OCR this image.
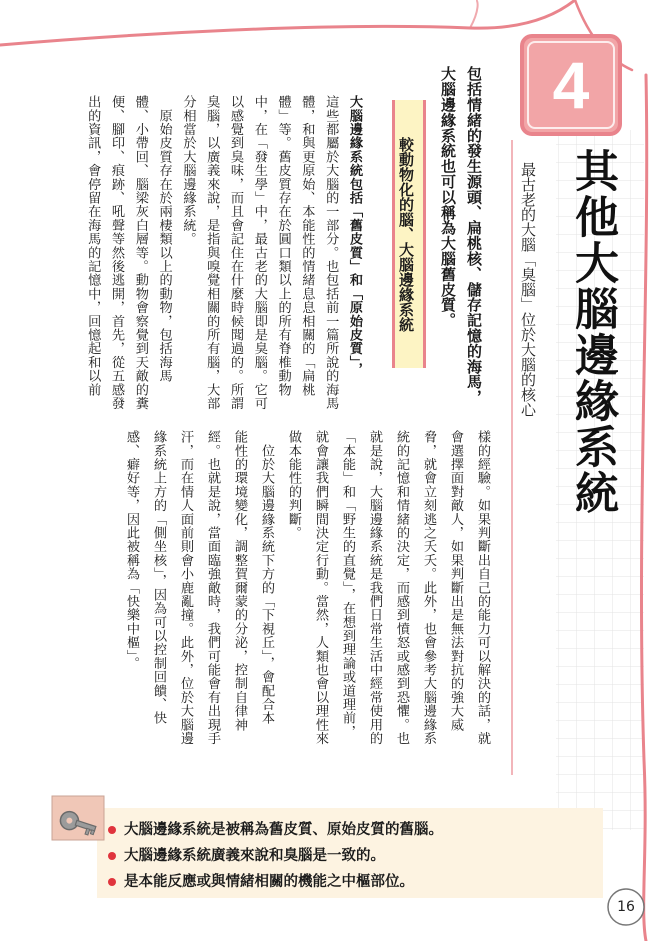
4
其他大腦邊緣系統
最古老的大腦「臭腦」位於大腦的核心
包括情緒的發生源頭、扁桃核、儲存記憶的海馬，
大腦邊緣系統也可以稱為大腦舊皮質。
較動物化的腦、大腦邊緣系統
大腦邊緣系統包括「舊皮質」和「原始皮質」，
這些都屬於大腦的一部分。也包括前一篇所說的海馬
體，和與更原始、本能性的情緒息息相關的「扁桃
體」等。舊皮質存在於圓口類以上的所有脊椎動物
中，在「發生學」中，最古老的大腦即是臭腦。它可
以感覺到臭味，而且會記住在什麼時候聞過的。所謂
臭腦，以廣義來說，是指與嗅覺相關的所有腦，大部
分相當於大腦邊緣系統。
　原始皮質存在於兩棲類以上的動物，包括海馬
體、小帶回、腦梁灰白層等。動物會察覺到天敵的糞
便、腳印、痕跡、吼聲等然後逃開，首先，從五感發
出的資訊，會停留在海馬的記憶中，回憶起和以前
樣的經驗。如果判斷出自己的能力可以解決的話，就
會選擇面對敵人，如果判斷出是無法對抗的強大威
脅，就會立刻逃之夭夭。此外，也會參考大腦邊緣系
統的記憶和情緒的決定，而感到憤怒或感到恐懼。也
就是說，大腦邊緣系統是我們日常生活中經常使用的
「本能」和「野生的直覺」，在想到理論或道理前，
就會讓我們瞬間決定行動。當然，人類也會以理性來
做本能性的判斷。
　位於大腦邊緣系統下方的「下視丘」，會配合本
能性的環境變化，調整賀爾蒙的分泌，控制自律神
經。也就是說，當面臨強敵時，我們可能會有出現手
汗，而在情人面前則會小鹿亂撞。此外，位於大腦邊
緣系統上方的「側坐核」，因為可以控制回饋、快
感、癖好等，因此被稱為「快樂中樞」。
大腦邊緣系統是被稱為舊皮質、原始皮質的舊腦。
大腦邊緣系統廣義來說和臭腦是一致的。
是本能反應或與情緒相關的機能之中樞部位。
16
